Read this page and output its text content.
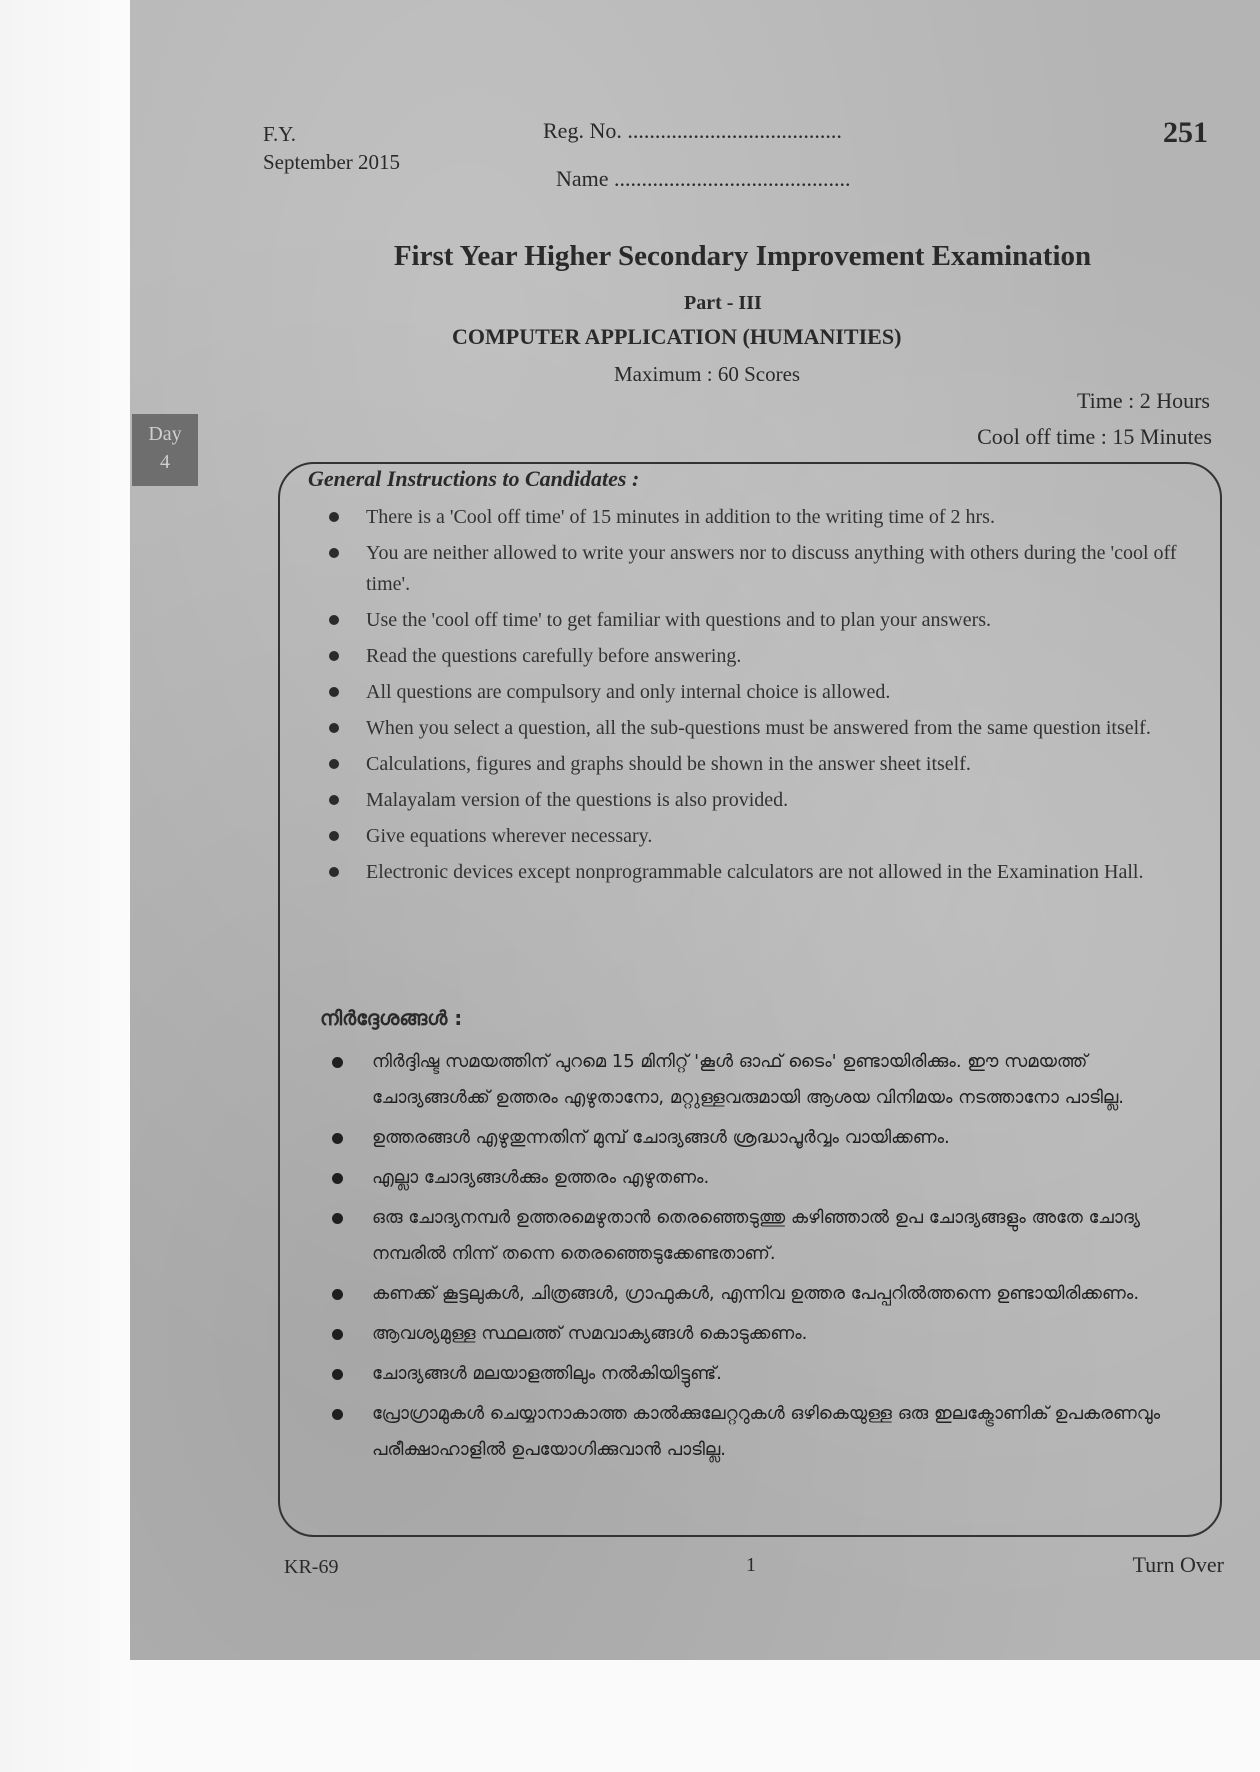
F.Y.
September 2015
Reg. No. .......................................
Name ...........................................
251
Day
4
First Year Higher Secondary Improvement Examination
Part - III
COMPUTER APPLICATION (HUMANITIES)
Maximum : 60 Scores
Time : 2 Hours
Cool off time : 15 Minutes
General Instructions to Candidates :
There is a 'Cool off time' of 15 minutes in addition to the writing time of 2 hrs.
You are neither allowed to write your answers nor to discuss anything with others during the 'cool off time'.
Use the 'cool off time' to get familiar with questions and to plan your answers.
Read the questions carefully before answering.
All questions are compulsory and only internal choice is allowed.
When you select a question, all the sub-questions must be answered from the same question itself.
Calculations, figures and graphs should be shown in the answer sheet itself.
Malayalam version of the questions is also provided.
Give equations wherever necessary.
Electronic devices except nonprogrammable calculators are not allowed in the Examination Hall.
നിർദ്ദേശങ്ങൾ :
നിർദ്ദിഷ്ട സമയത്തിന് പുറമെ 15 മിനിറ്റ് 'കൂൾ ഓഫ് ടൈം' ഉണ്ടായിരിക്കും. ഈ സമയത്ത് ചോദ്യങ്ങൾക്ക് ഉത്തരം എഴുതാനോ, മറ്റുള്ളവരുമായി ആശയ വിനിമയം നടത്താനോ പാടില്ല.
ഉത്തരങ്ങൾ എഴുതുന്നതിന് മുമ്പ് ചോദ്യങ്ങൾ ശ്രദ്ധാപൂർവ്വം വായിക്കണം.
എല്ലാ ചോദ്യങ്ങൾക്കും ഉത്തരം എഴുതണം.
ഒരു ചോദ്യനമ്പർ ഉത്തരമെഴുതാൻ തെരഞ്ഞെടുത്തു കഴിഞ്ഞാൽ ഉപ ചോദ്യങ്ങളും അതേ ചോദ്യ നമ്പരിൽ നിന്ന് തന്നെ തെരഞ്ഞെടുക്കേണ്ടതാണ്.
കണക്ക് കൂട്ടലുകൾ, ചിത്രങ്ങൾ, ഗ്രാഫുകൾ, എന്നിവ ഉത്തര പേപ്പറിൽത്തന്നെ ഉണ്ടായിരിക്കണം.
ആവശ്യമുള്ള സ്ഥലത്ത് സമവാക്യങ്ങൾ കൊടുക്കണം.
ചോദ്യങ്ങൾ മലയാളത്തിലും നൽകിയിട്ടുണ്ട്.
പ്രോഗ്രാമുകൾ ചെയ്യാനാകാത്ത കാൽക്കുലേറ്ററുകൾ ഒഴികെയുള്ള ഒരു ഇലക്ട്രോണിക് ഉപകരണവും പരീക്ഷാഹാളിൽ ഉപയോഗിക്കുവാൻ പാടില്ല.
KR-69	1	Turn Over
